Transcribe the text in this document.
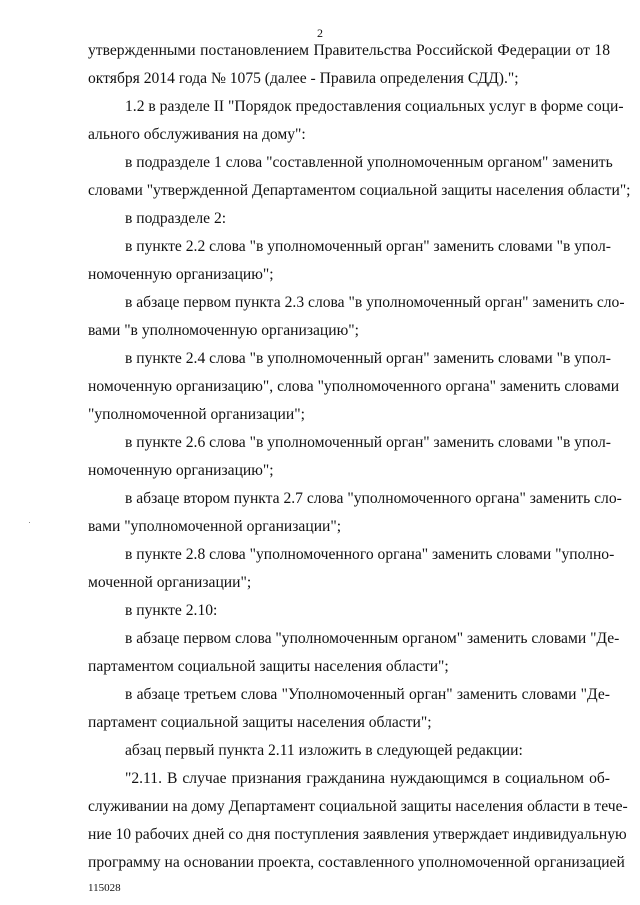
2
утвержденными постановлением Правительства Российской Федерации от 18
октября 2014 года № 1075 (далее - Правила определения СДД).";
1.2 в разделе II "Порядок предоставления социальных услуг в форме соци-
ального обслуживания на дому":
в подразделе 1 слова "составленной уполномоченным органом" заменить
словами "утвержденной Департаментом социальной защиты населения области";
в подразделе 2:
в пункте 2.2 слова "в уполномоченный орган" заменить словами "в упол-
номоченную организацию";
в абзаце первом пункта 2.3 слова "в уполномоченный орган" заменить сло-
вами "в уполномоченную организацию";
в пункте 2.4 слова "в уполномоченный орган" заменить словами "в упол-
номоченную организацию", слова "уполномоченного органа" заменить словами
"уполномоченной организации";
в пункте 2.6 слова "в уполномоченный орган" заменить словами "в упол-
номоченную организацию";
в абзаце втором пункта 2.7 слова "уполномоченного органа" заменить сло-
вами "уполномоченной организации";
в пункте 2.8 слова "уполномоченного органа" заменить словами "уполно-
моченной организации";
в пункте 2.10:
в абзаце первом слова "уполномоченным органом" заменить словами "Де-
партаментом социальной защиты населения области";
в абзаце третьем слова "Уполномоченный орган" заменить словами "Де-
партамент социальной защиты населения области";
абзац первый пункта 2.11 изложить в следующей редакции:
"2.11. В случае признания гражданина нуждающимся в социальном об-
служивании на дому Департамент социальной защиты населения области в тече-
ние 10 рабочих дней со дня поступления заявления утверждает индивидуальную
программу на основании проекта, составленного уполномоченной организацией
115028
